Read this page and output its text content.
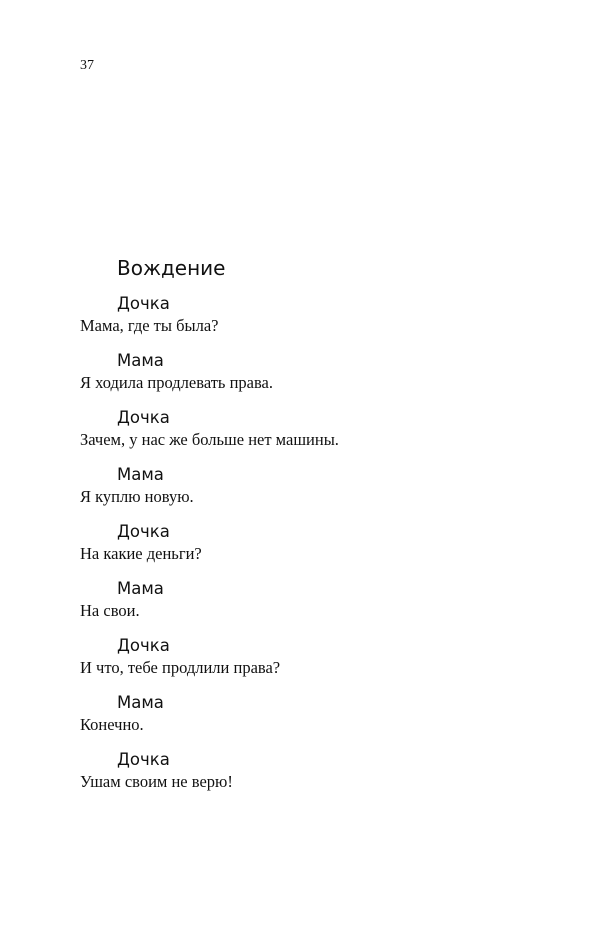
37
Вождение
Дочка
Мама, где ты была?
Мама
Я ходила продлевать права.
Дочка
Зачем, у нас же больше нет машины.
Мама
Я куплю новую.
Дочка
На какие деньги?
Мама
На свои.
Дочка
И что, тебе продлили права?
Мама
Конечно.
Дочка
Ушам своим не верю!
